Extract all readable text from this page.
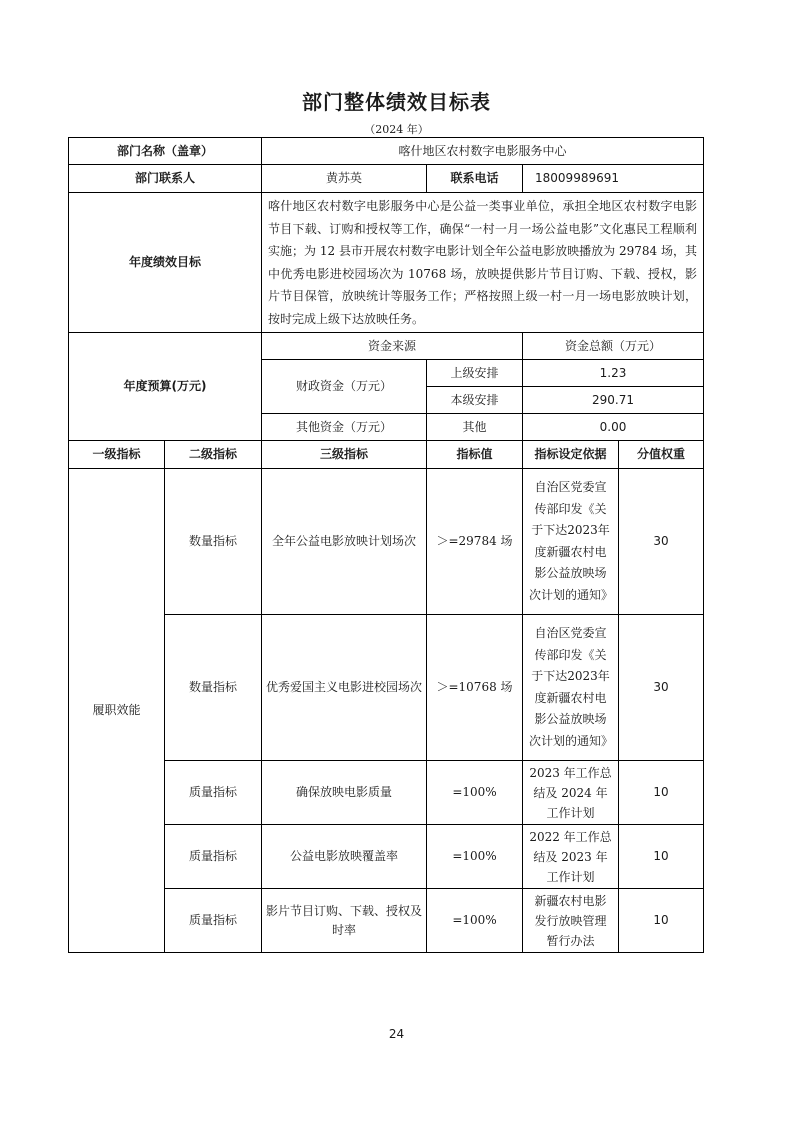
部门整体绩效目标表
（2024 年）
部门名称（盖章）		喀什地区农村数字电影服务中心			
部门联系人		黄苏英	联系电话	18009989691	
年度绩效目标		喀什地区农村数字电影服务中心是公益一类事业单位，承担全地区农村数字电影节目下载、订购和授权等工作，确保“一村一月一场公益电影”文化惠民工程顺利实施；为 12 县市开展农村数字电影计划全年公益电影放映播放为 29784 场，其中优秀电影进校园场次为 10768 场，放映提供影片节目订购、下载、授权，影片节目保管，放映统计等服务工作；严格按照上级一村一月一场电影放映计划，按时完成上级下达放映任务。			
年度预算(万元)		资金来源		资金总额（万元）	
		财政资金（万元）	上级安排	1.23	
			本级安排	290.71	
		其他资金（万元）	其他	0.00	
一级指标	二级指标	三级指标	指标值	指标设定依据	分值权重
履职效能	数量指标	全年公益电影放映计划场次	＞=29784 场	自治区党委宣传部印发《关于下达2023年度新疆农村电影公益放映场次计划的通知》	30
	数量指标	优秀爱国主义电影进校园场次	＞=10768 场	自治区党委宣传部印发《关于下达2023年度新疆农村电影公益放映场次计划的通知》	30
	质量指标	确保放映电影质量	=100%	2023 年工作总结及 2024 年工作计划	10
	质量指标	公益电影放映覆盖率	=100%	2022 年工作总结及 2023 年工作计划	10
	质量指标	影片节目订购、下载、授权及时率	=100%	新疆农村电影发行放映管理暂行办法	10
24
